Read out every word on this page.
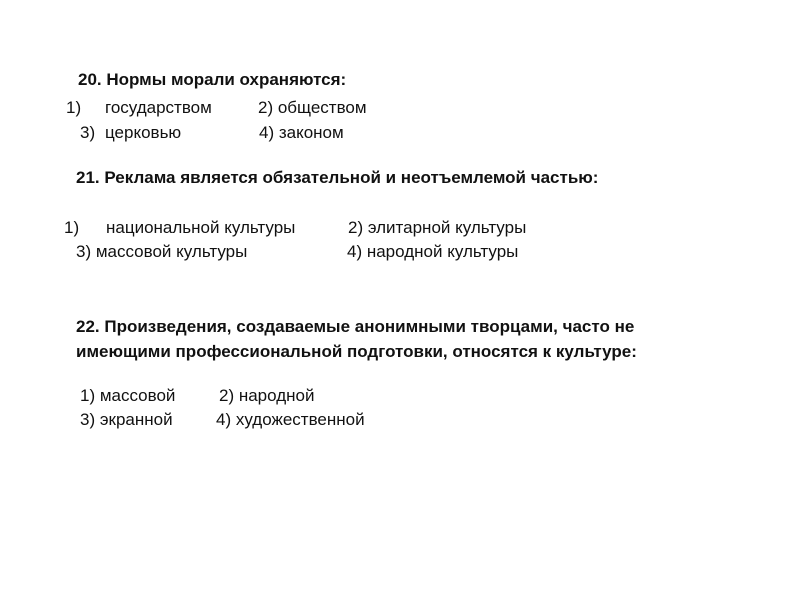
20. Нормы морали охраняются:
1) государством	2) обществом
3) церковью	4) законом
21. Реклама является обязательной и неотъемлемой частью:
1) национальной культуры	2) элитарной культуры
3) массовой культуры	4) народной культуры
22. Произведения, создаваемые анонимными творцами, часто не
имеющими профессиональной подготовки, относятся к культуре:
1) массовой	2) народной
3) экранной	4) художественной
